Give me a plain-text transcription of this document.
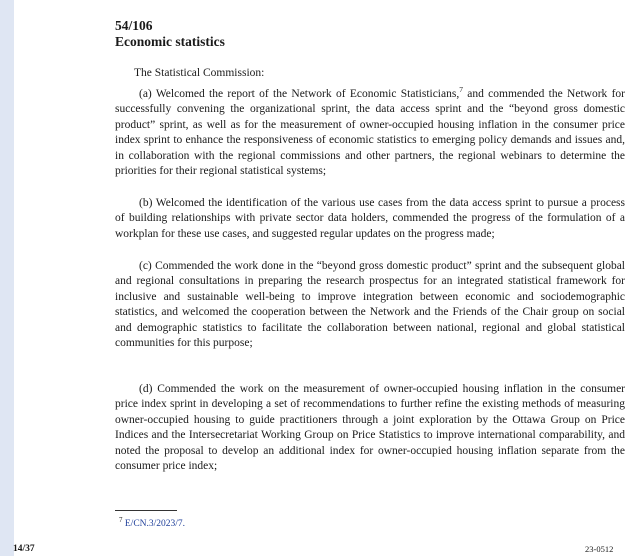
54/106
Economic statistics

The Statistical Commission:

(a) Welcomed the report of the Network of Economic Statisticians,$^7$ and commended the Network for successfully convening the organizational sprint, the data access sprint and the “beyond gross domestic product” sprint, as well as for the measurement of owner-occupied housing inflation in the consumer price index sprint to enhance the responsiveness of economic statistics to emerging policy demands and issues and, in collaboration with the regional commissions and other partners, the regional webinars to determine the priorities for their regional statistical systems;

(b) Welcomed the identification of the various use cases from the data access sprint to pursue a process of building relationships with private sector data holders, commended the progress of the formulation of a workplan for these use cases, and suggested regular updates on the progress made;

(c) Commended the work done in the “beyond gross domestic product” sprint and the subsequent global and regional consultations in preparing the research prospectus for an integrated statistical framework for inclusive and sustainable well-being to improve integration between economic and sociodemographic statistics, and welcomed the cooperation between the Network and the Friends of the Chair group on social and demographic statistics to facilitate the collaboration between national, regional and global statistical communities for this purpose;

(d) Commended the work on the measurement of owner-occupied housing inflation in the consumer price index sprint in developing a set of recommendations to further refine the existing methods of measuring owner-occupied housing to guide practitioners through a joint exploration by the Ottawa Group on Price Indices and the Intersecretariat Working Group on Price Statistics to improve international comparability, and noted the proposal to develop an additional index for owner-occupied housing inflation separate from the consumer price index;

$^7$ E/CN.3/2023/7.

14/37	23-0512
